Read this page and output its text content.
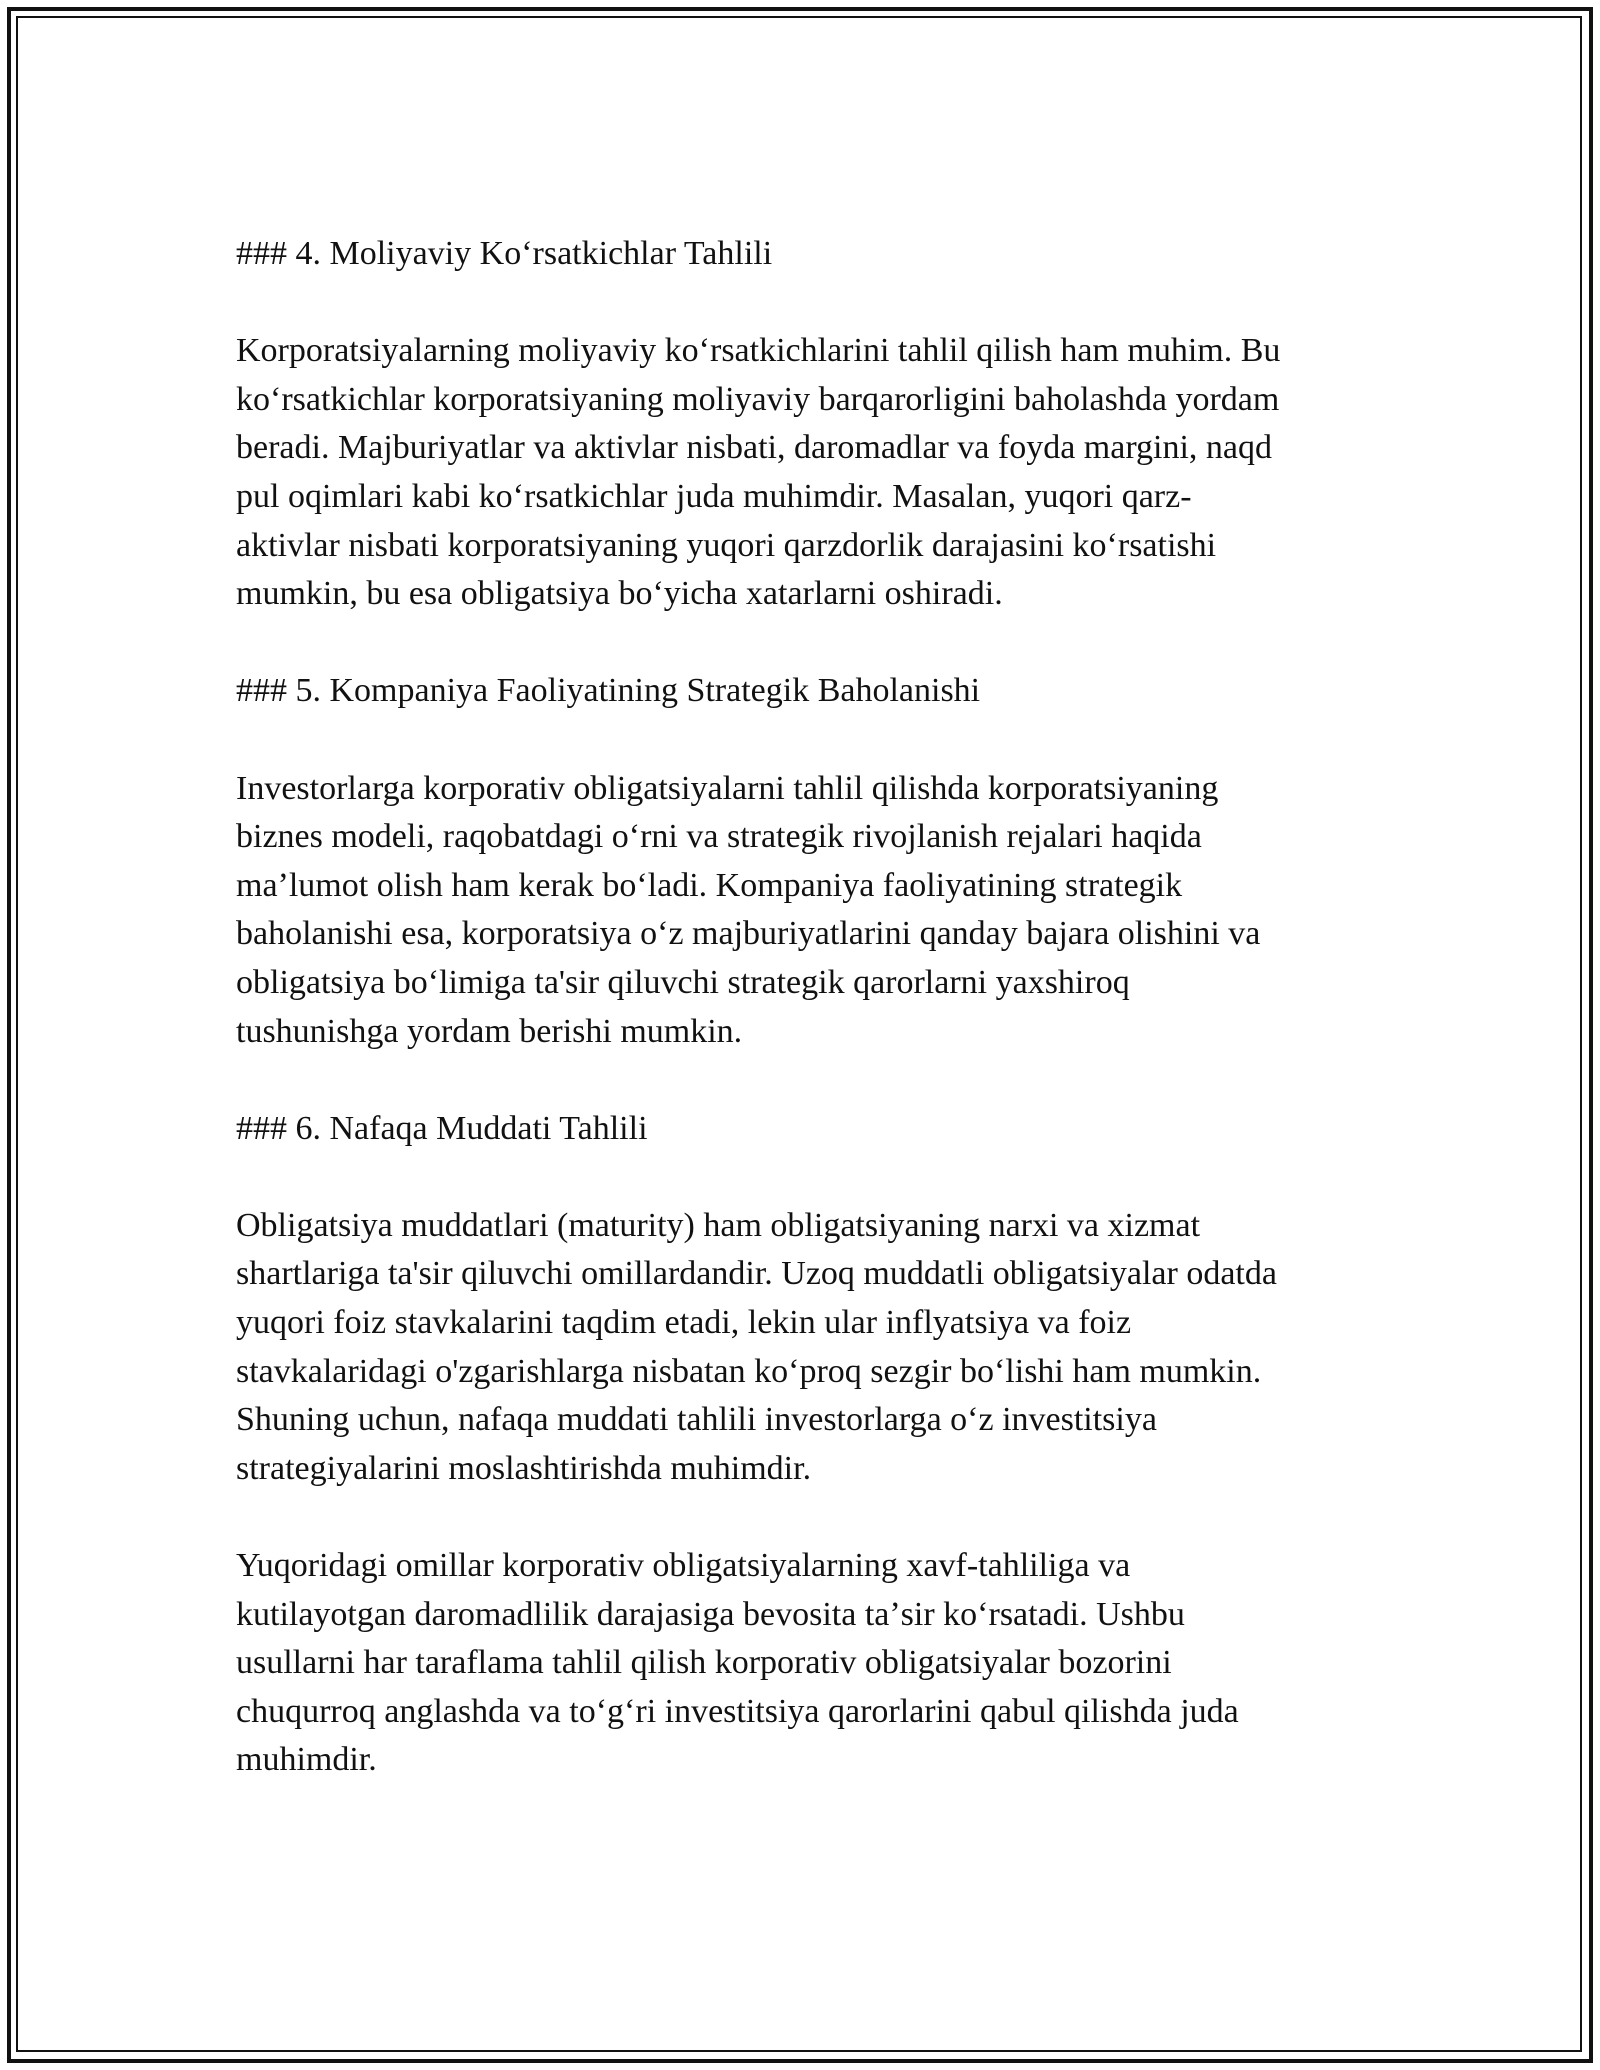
### 4. Moliyaviy Koʻrsatkichlar Tahlili
Korporatsiyalarning moliyaviy koʻrsatkichlarini tahlil qilish ham muhim. Bu
koʻrsatkichlar korporatsiyaning moliyaviy barqarorligini baholashda yordam
beradi. Majburiyatlar va aktivlar nisbati, daromadlar va foyda margini, naqd
pul oqimlari kabi koʻrsatkichlar juda muhimdir. Masalan, yuqori qarz-
aktivlar nisbati korporatsiyaning yuqori qarzdorlik darajasini koʻrsatishi
mumkin, bu esa obligatsiya boʻyicha xatarlarni oshiradi.
### 5. Kompaniya Faoliyatining Strategik Baholanishi
Investorlarga korporativ obligatsiyalarni tahlil qilishda korporatsiyaning
biznes modeli, raqobatdagi oʻrni va strategik rivojlanish rejalari haqida
maʼlumot olish ham kerak boʻladi. Kompaniya faoliyatining strategik
baholanishi esa, korporatsiya oʻz majburiyatlarini qanday bajara olishini va
obligatsiya boʻlimiga ta'sir qiluvchi strategik qarorlarni yaxshiroq
tushunishga yordam berishi mumkin.
### 6. Nafaqa Muddati Tahlili
Obligatsiya muddatlari (maturity) ham obligatsiyaning narxi va xizmat
shartlariga ta'sir qiluvchi omillardandir. Uzoq muddatli obligatsiyalar odatda
yuqori foiz stavkalarini taqdim etadi, lekin ular inflyatsiya va foiz
stavkalaridagi o'zgarishlarga nisbatan koʻproq sezgir boʻlishi ham mumkin.
Shuning uchun, nafaqa muddati tahlili investorlarga oʻz investitsiya
strategiyalarini moslashtirishda muhimdir.
Yuqoridagi omillar korporativ obligatsiyalarning xavf-tahliliga va
kutilayotgan daromadlilik darajasiga bevosita taʼsir koʻrsatadi. Ushbu
usullarni har taraflama tahlil qilish korporativ obligatsiyalar bozorini
chuqurroq anglashda va toʻgʻri investitsiya qarorlarini qabul qilishda juda
muhimdir.
